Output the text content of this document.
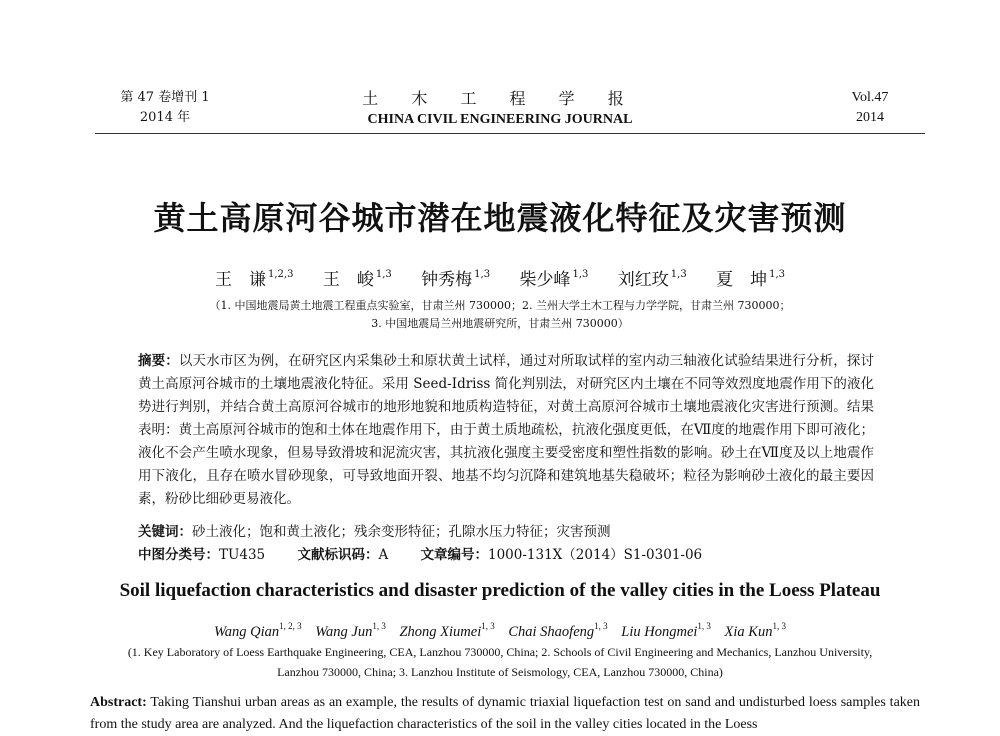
第 47 卷增刊 1
2014 年
土 木 工 程 学 报
CHINA CIVIL ENGINEERING JOURNAL
Vol.47
2014
黄土高原河谷城市潜在地震液化特征及灾害预测
王　谦 $^{1,2,3}$ 王　峻 $^{1,3}$ 钟秀梅 $^{1,3}$ 柴少峰 $^{1,3}$ 刘红玫 $^{1,3}$ 夏　坤 $^{1,3}$
（1. 中国地震局黄土地震工程重点实验室，甘肃兰州 730000；2. 兰州大学土木工程与力学学院，甘肃兰州 730000；
3. 中国地震局兰州地震研究所，甘肃兰州 730000）
摘要：以天水市区为例，在研究区内采集砂土和原状黄土试样，通过对所取试样的室内动三轴液化试验结果进行分析，探讨黄土高原河谷城市的土壤地震液化特征。采用 Seed-Idriss 简化判别法，对研究区内土壤在不同等效烈度地震作用下的液化势进行判别，并结合黄土高原河谷城市的地形地貌和地质构造特征，对黄土高原河谷城市土壤地震液化灾害进行预测。结果表明：黄土高原河谷城市的饱和土体在地震作用下，由于黄土质地疏松，抗液化强度更低，在Ⅶ度的地震作用下即可液化；液化不会产生喷水现象，但易导致滑坡和泥流灾害，其抗液化强度主要受密度和塑性指数的影响。砂土在Ⅶ度及以上地震作用下液化，且存在喷水冒砂现象，可导致地面开裂、地基不均匀沉降和建筑地基失稳破坏；粒径为影响砂土液化的最主要因素，粉砂比细砂更易液化。
关键词：砂土液化；饱和黄土液化；残余变形特征；孔隙水压力特征；灾害预测
中图分类号：TU435 文献标识码：A 文章编号：1000-131X（2014）S1-0301-06
Soil liquefaction characteristics and disaster prediction of the valley cities in the Loess Plateau
Wang Qian$^{1, 2, 3}$ Wang Jun$^{1, 3}$ Zhong Xiumei$^{1, 3}$ Chai Shaofeng$^{1, 3}$ Liu Hongmei$^{1, 3}$ Xia Kun$^{1, 3}$
(1. Key Laboratory of Loess Earthquake Engineering, CEA, Lanzhou 730000, China; 2. Schools of Civil Engineering and Mechanics, Lanzhou University,
Lanzhou 730000, China; 3. Lanzhou Institute of Seismology, CEA, Lanzhou 730000, China)
Abstract: Taking Tianshui urban areas as an example, the results of dynamic triaxial liquefaction test on sand and undisturbed loess samples taken from the study area are analyzed. And the liquefaction characteristics of the soil in the valley cities located in the Loess
